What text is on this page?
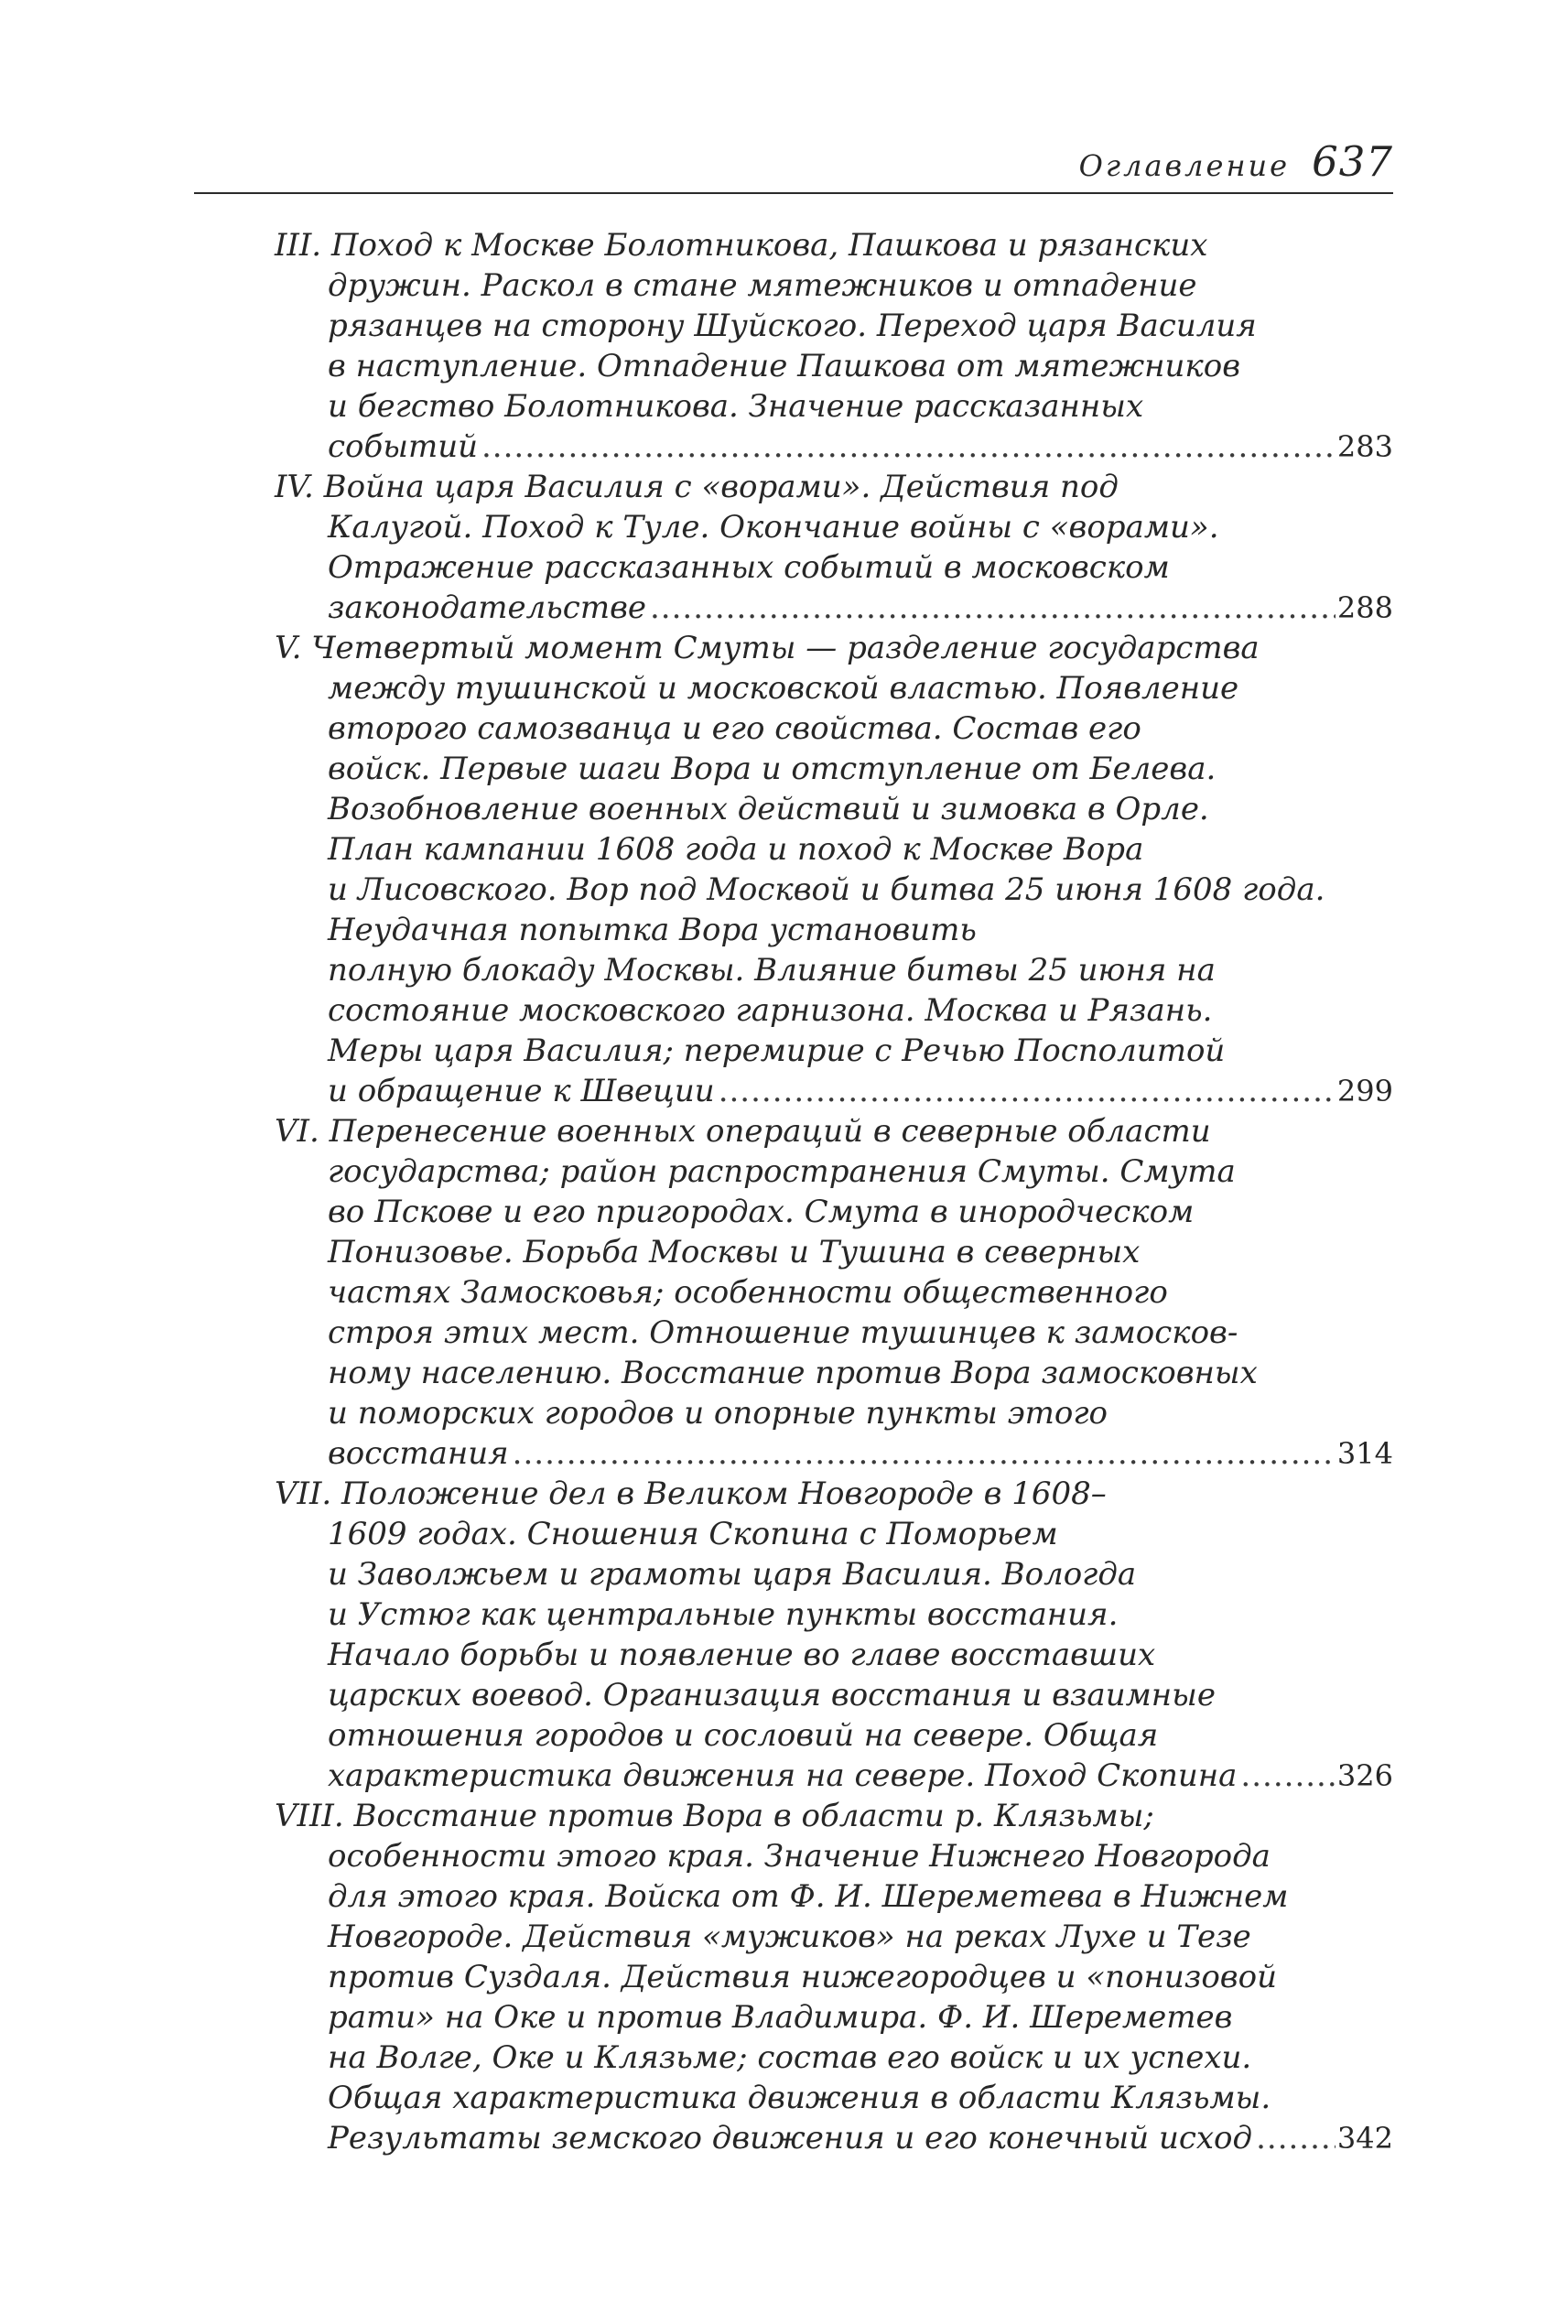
Оглавление 637
III. Поход к Москве Болотникова, Пашкова и рязанских
дружин. Раскол в стане мятежников и отпадение
рязанцев на сторону Шуйского. Переход царя Василия
в наступление. Отпадение Пашкова от мятежников
и бегство Болотникова. Значение рассказанных
событий .....	283
IV. Война царя Василия с «ворами». Действия под
Калугой. Поход к Туле. Окончание войны с «ворами».
Отражение рассказанных событий в московском
законодательстве .....	288
V. Четвертый момент Смуты — разделение государства
между тушинской и московской властью. Появление
второго самозванца и его свойства. Состав его
войск. Первые шаги Вора и отступление от Белева.
Возобновление военных действий и зимовка в Орле.
План кампании 1608 года и поход к Москве Вора
и Лисовского. Вор под Москвой и битва 25 июня 1608 года.
Неудачная попытка Вора установить
полную блокаду Москвы. Влияние битвы 25 июня на
состояние московского гарнизона. Москва и Рязань.
Меры царя Василия; перемирие с Речью Посполитой
и обращение к Швеции .....	299
VI. Перенесение военных операций в северные области
государства; район распространения Смуты. Смута
во Пскове и его пригородах. Смута в инородческом
Понизовье. Борьба Москвы и Тушина в северных
частях Замосковья; особенности общественного
строя этих мест. Отношение тушинцев к замосков-
ному населению. Восстание против Вора замосковных
и поморских городов и опорные пункты этого
восстания .....	314
VII. Положение дел в Великом Новгороде в 1608–
1609 годах. Сношения Скопина с Поморьем
и Заволжьем и грамоты царя Василия. Вологда
и Устюг как центральные пункты восстания.
Начало борьбы и появление во главе восставших
царских воевод. Организация восстания и взаимные
отношения городов и сословий на севере. Общая
характеристика движения на севере. Поход Скопина .....	326
VIII. Восстание против Вора в области р. Клязьмы;
особенности этого края. Значение Нижнего Новгорода
для этого края. Войска от Ф. И. Шереметева в Нижнем
Новгороде. Действия «мужиков» на реках Лухе и Тезе
против Суздаля. Действия нижегородцев и «понизовой
рати» на Оке и против Владимира. Ф. И. Шереметев
на Волге, Оке и Клязьме; состав его войск и их успехи.
Общая характеристика движения в области Клязьмы.
Результаты земского движения и его конечный исход .....	342
